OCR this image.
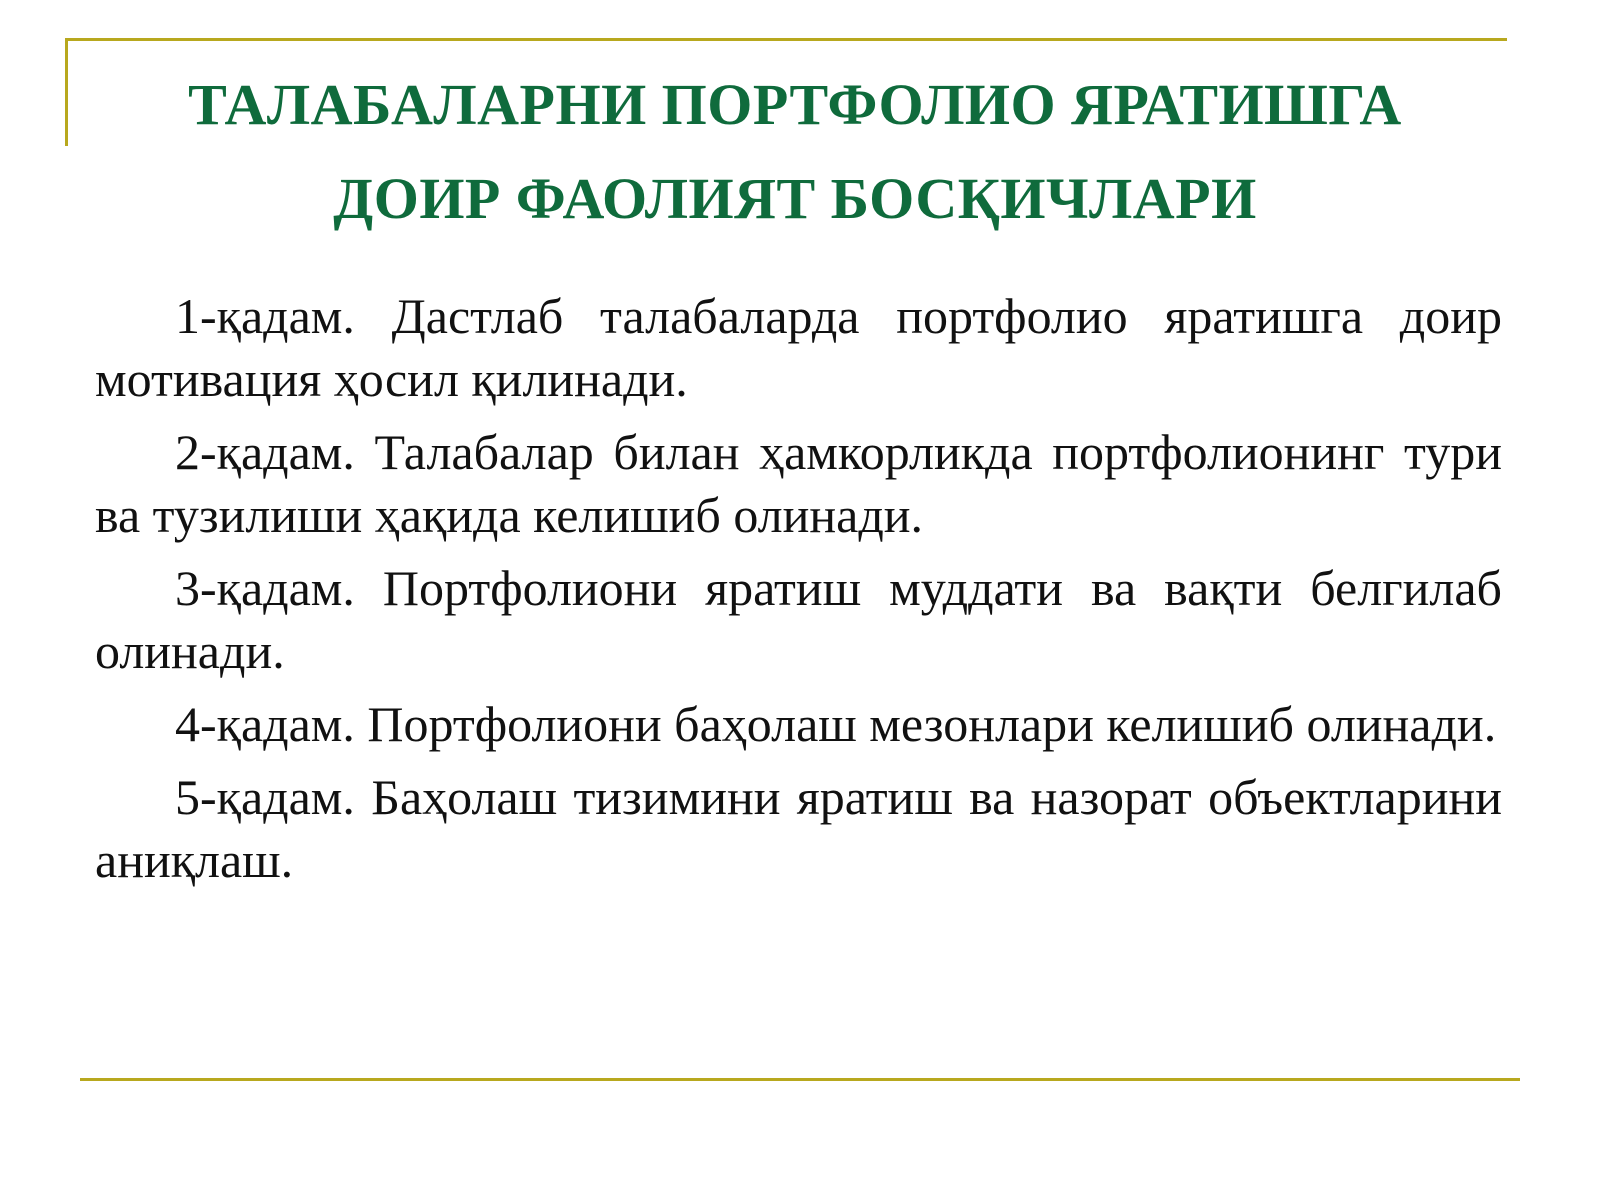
ТАЛАБАЛАРНИ ПОРТФОЛИО ЯРАТИШГА
ДОИР ФАОЛИЯТ БОСҚИЧЛАРИ

1-қадам. Дастлаб талабаларда портфолио яратишга доир мотивация ҳосил қилинади.

2-қадам. Талабалар билан ҳамкорликда портфолионинг тури ва тузилиши ҳақида келишиб олинади.

3-қадам. Портфолиони яратиш муддати ва вақти белгилаб олинади.

4-қадам. Портфолиони баҳолаш мезонлари келишиб олинади.

5-қадам. Баҳолаш тизимини яратиш ва назорат объектларини аниқлаш.
